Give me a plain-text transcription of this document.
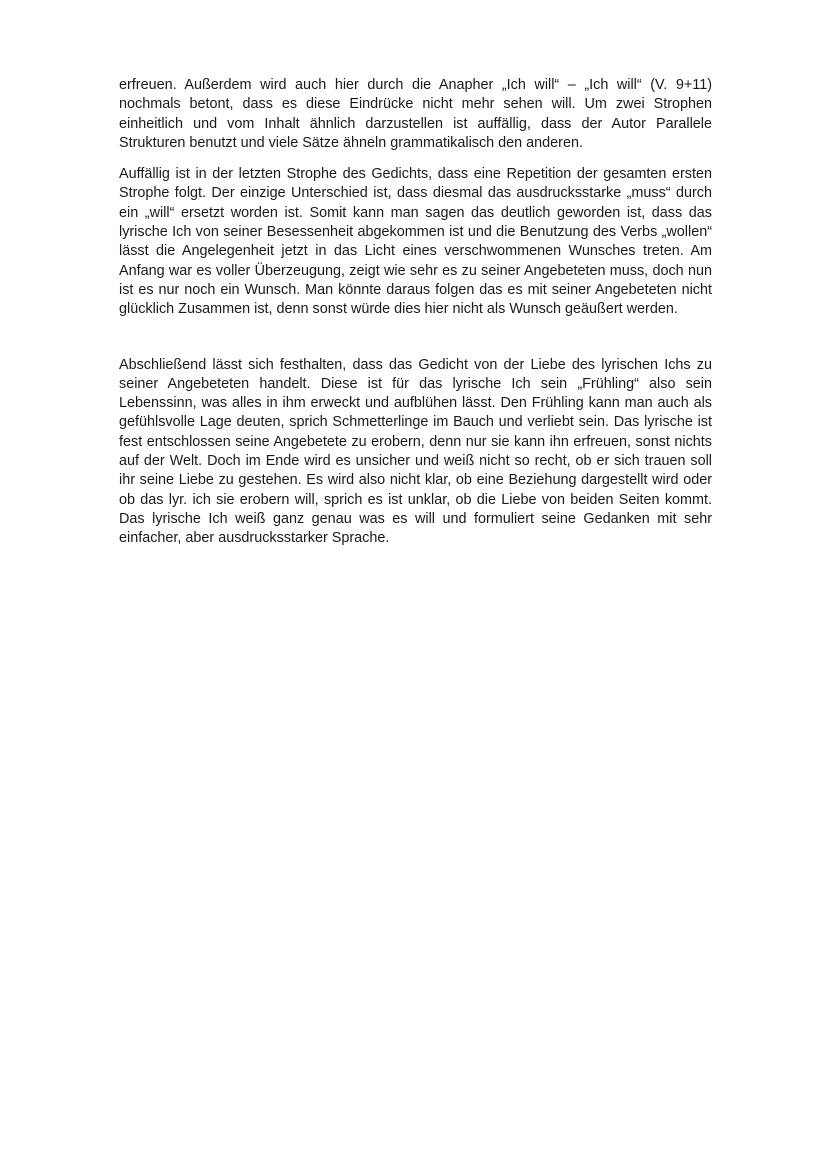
erfreuen. Außerdem wird auch hier durch die Anapher „Ich will“ – „Ich will“ (V. 9+11) nochmals betont, dass es diese Eindrücke nicht mehr sehen will. Um zwei Strophen einheitlich und vom Inhalt ähnlich darzustellen ist auffällig, dass der Autor Parallele Strukturen benutzt und viele Sätze ähneln grammatikalisch den anderen.

Auffällig ist in der letzten Strophe des Gedichts, dass eine Repetition der gesamten ersten Strophe folgt. Der einzige Unterschied ist, dass diesmal das ausdrucksstarke „muss“ durch ein „will“ ersetzt worden ist. Somit kann man sagen das deutlich geworden ist, dass das lyrische Ich von seiner Besessenheit abgekommen ist und die Benutzung des Verbs „wollen“ lässt die Angelegenheit jetzt in das Licht eines verschwommenen Wunsches treten. Am Anfang war es voller Überzeugung, zeigt wie sehr es zu seiner Angebeteten muss, doch nun ist es nur noch ein Wunsch. Man könnte daraus folgen das es mit seiner Angebeteten nicht glücklich Zusammen ist, denn sonst würde dies hier nicht als Wunsch geäußert werden.

Abschließend lässt sich festhalten, dass das Gedicht von der Liebe des lyrischen Ichs zu seiner Angebeteten handelt. Diese ist für das lyrische Ich sein „Frühling“ also sein Lebenssinn, was alles in ihm erweckt und aufblühen lässt. Den Frühling kann man auch als gefühlsvolle Lage deuten, sprich Schmetterlinge im Bauch und verliebt sein. Das lyrische ist fest entschlossen seine Angebetete zu erobern, denn nur sie kann ihn erfreuen, sonst nichts auf der Welt. Doch im Ende wird es unsicher und weiß nicht so recht, ob er sich trauen soll ihr seine Liebe zu gestehen. Es wird also nicht klar, ob eine Beziehung dargestellt wird oder ob das lyr. ich sie erobern will, sprich es ist unklar, ob die Liebe von beiden Seiten kommt. Das lyrische Ich weiß ganz genau was es will und formuliert seine Gedanken mit sehr einfacher, aber ausdrucksstarker Sprache.
